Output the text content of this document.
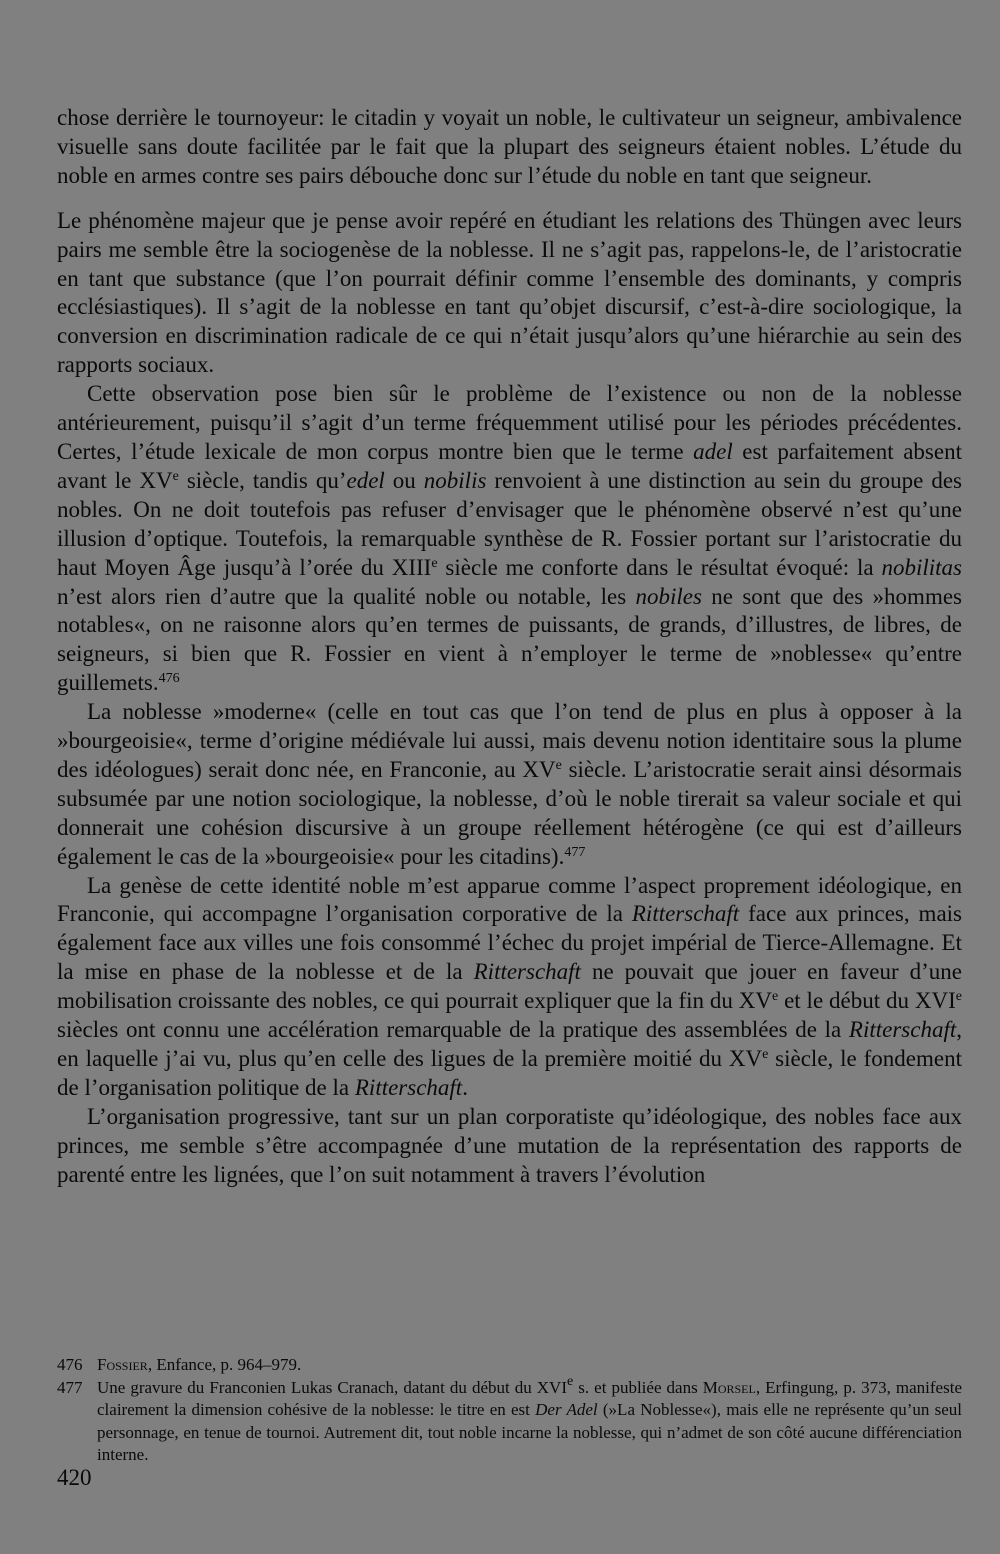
chose derrière le tournoyeur: le citadin y voyait un noble, le cultivateur un seigneur, ambivalence visuelle sans doute facilitée par le fait que la plupart des seigneurs étaient nobles. L’étude du noble en armes contre ses pairs débouche donc sur l’étude du noble en tant que seigneur.

Le phénomène majeur que je pense avoir repéré en étudiant les relations des Thüngen avec leurs pairs me semble être la sociogenèse de la noblesse. Il ne s’agit pas, rappelons-le, de l’aristocratie en tant que substance (que l’on pourrait définir comme l’ensemble des dominants, y compris ecclésiastiques). Il s’agit de la noblesse en tant qu’objet discursif, c’est-à-dire sociologique, la conversion en discrimination radicale de ce qui n’était jusqu’alors qu’une hiérarchie au sein des rapports sociaux.

Cette observation pose bien sûr le problème de l’existence ou non de la noblesse antérieurement, puisqu’il s’agit d’un terme fréquemment utilisé pour les périodes précédentes. Certes, l’étude lexicale de mon corpus montre bien que le terme adel est parfaitement absent avant le XVe siècle, tandis qu’edel ou nobilis renvoient à une distinction au sein du groupe des nobles. On ne doit toutefois pas refuser d’envisager que le phénomène observé n’est qu’une illusion d’optique. Toutefois, la remarquable synthèse de R. Fossier portant sur l’aristocratie du haut Moyen Âge jusqu’à l’orée du XIIIe siècle me conforte dans le résultat évoqué: la nobilitas n’est alors rien d’autre que la qualité noble ou notable, les nobiles ne sont que des »hommes notables«, on ne raisonne alors qu’en termes de puissants, de grands, d’illustres, de libres, de seigneurs, si bien que R. Fossier en vient à n’employer le terme de »noblesse« qu’entre guillemets.$^{476}$

La noblesse »moderne« (celle en tout cas que l’on tend de plus en plus à opposer à la »bourgeoisie«, terme d’origine médiévale lui aussi, mais devenu notion identitaire sous la plume des idéologues) serait donc née, en Franconie, au XVe siècle. L’aristocratie serait ainsi désormais subsumée par une notion sociologique, la noblesse, d’où le noble tirerait sa valeur sociale et qui donnerait une cohésion discursive à un groupe réellement hétérogène (ce qui est d’ailleurs également le cas de la »bourgeoisie« pour les citadins).$^{477}$

La genèse de cette identité noble m’est apparue comme l’aspect proprement idéologique, en Franconie, qui accompagne l’organisation corporative de la Ritterschaft face aux princes, mais également face aux villes une fois consommé l’échec du projet impérial de Tierce-Allemagne. Et la mise en phase de la noblesse et de la Ritterschaft ne pouvait que jouer en faveur d’une mobilisation croissante des nobles, ce qui pourrait expliquer que la fin du XVe et le début du XVIe siècles ont connu une accélération remarquable de la pratique des assemblées de la Ritterschaft, en laquelle j’ai vu, plus qu’en celle des ligues de la première moitié du XVe siècle, le fondement de l’organisation politique de la Ritterschaft.

L’organisation progressive, tant sur un plan corporatiste qu’idéologique, des nobles face aux princes, me semble s’être accompagnée d’une mutation de la représentation des rapports de parenté entre les lignées, que l’on suit notamment à travers l’évolution

476 Fossier, Enfance, p. 964–979.

477 Une gravure du Franconien Lukas Cranach, datant du début du XVIe s. et publiée dans Morsel, Erfingung, p. 373, manifeste clairement la dimension cohésive de la noblesse: le titre en est Der Adel (»La Noblesse«), mais elle ne représente qu’un seul personnage, en tenue de tournoi. Autrement dit, tout noble incarne la noblesse, qui n’admet de son côté aucune différenciation interne.

420
